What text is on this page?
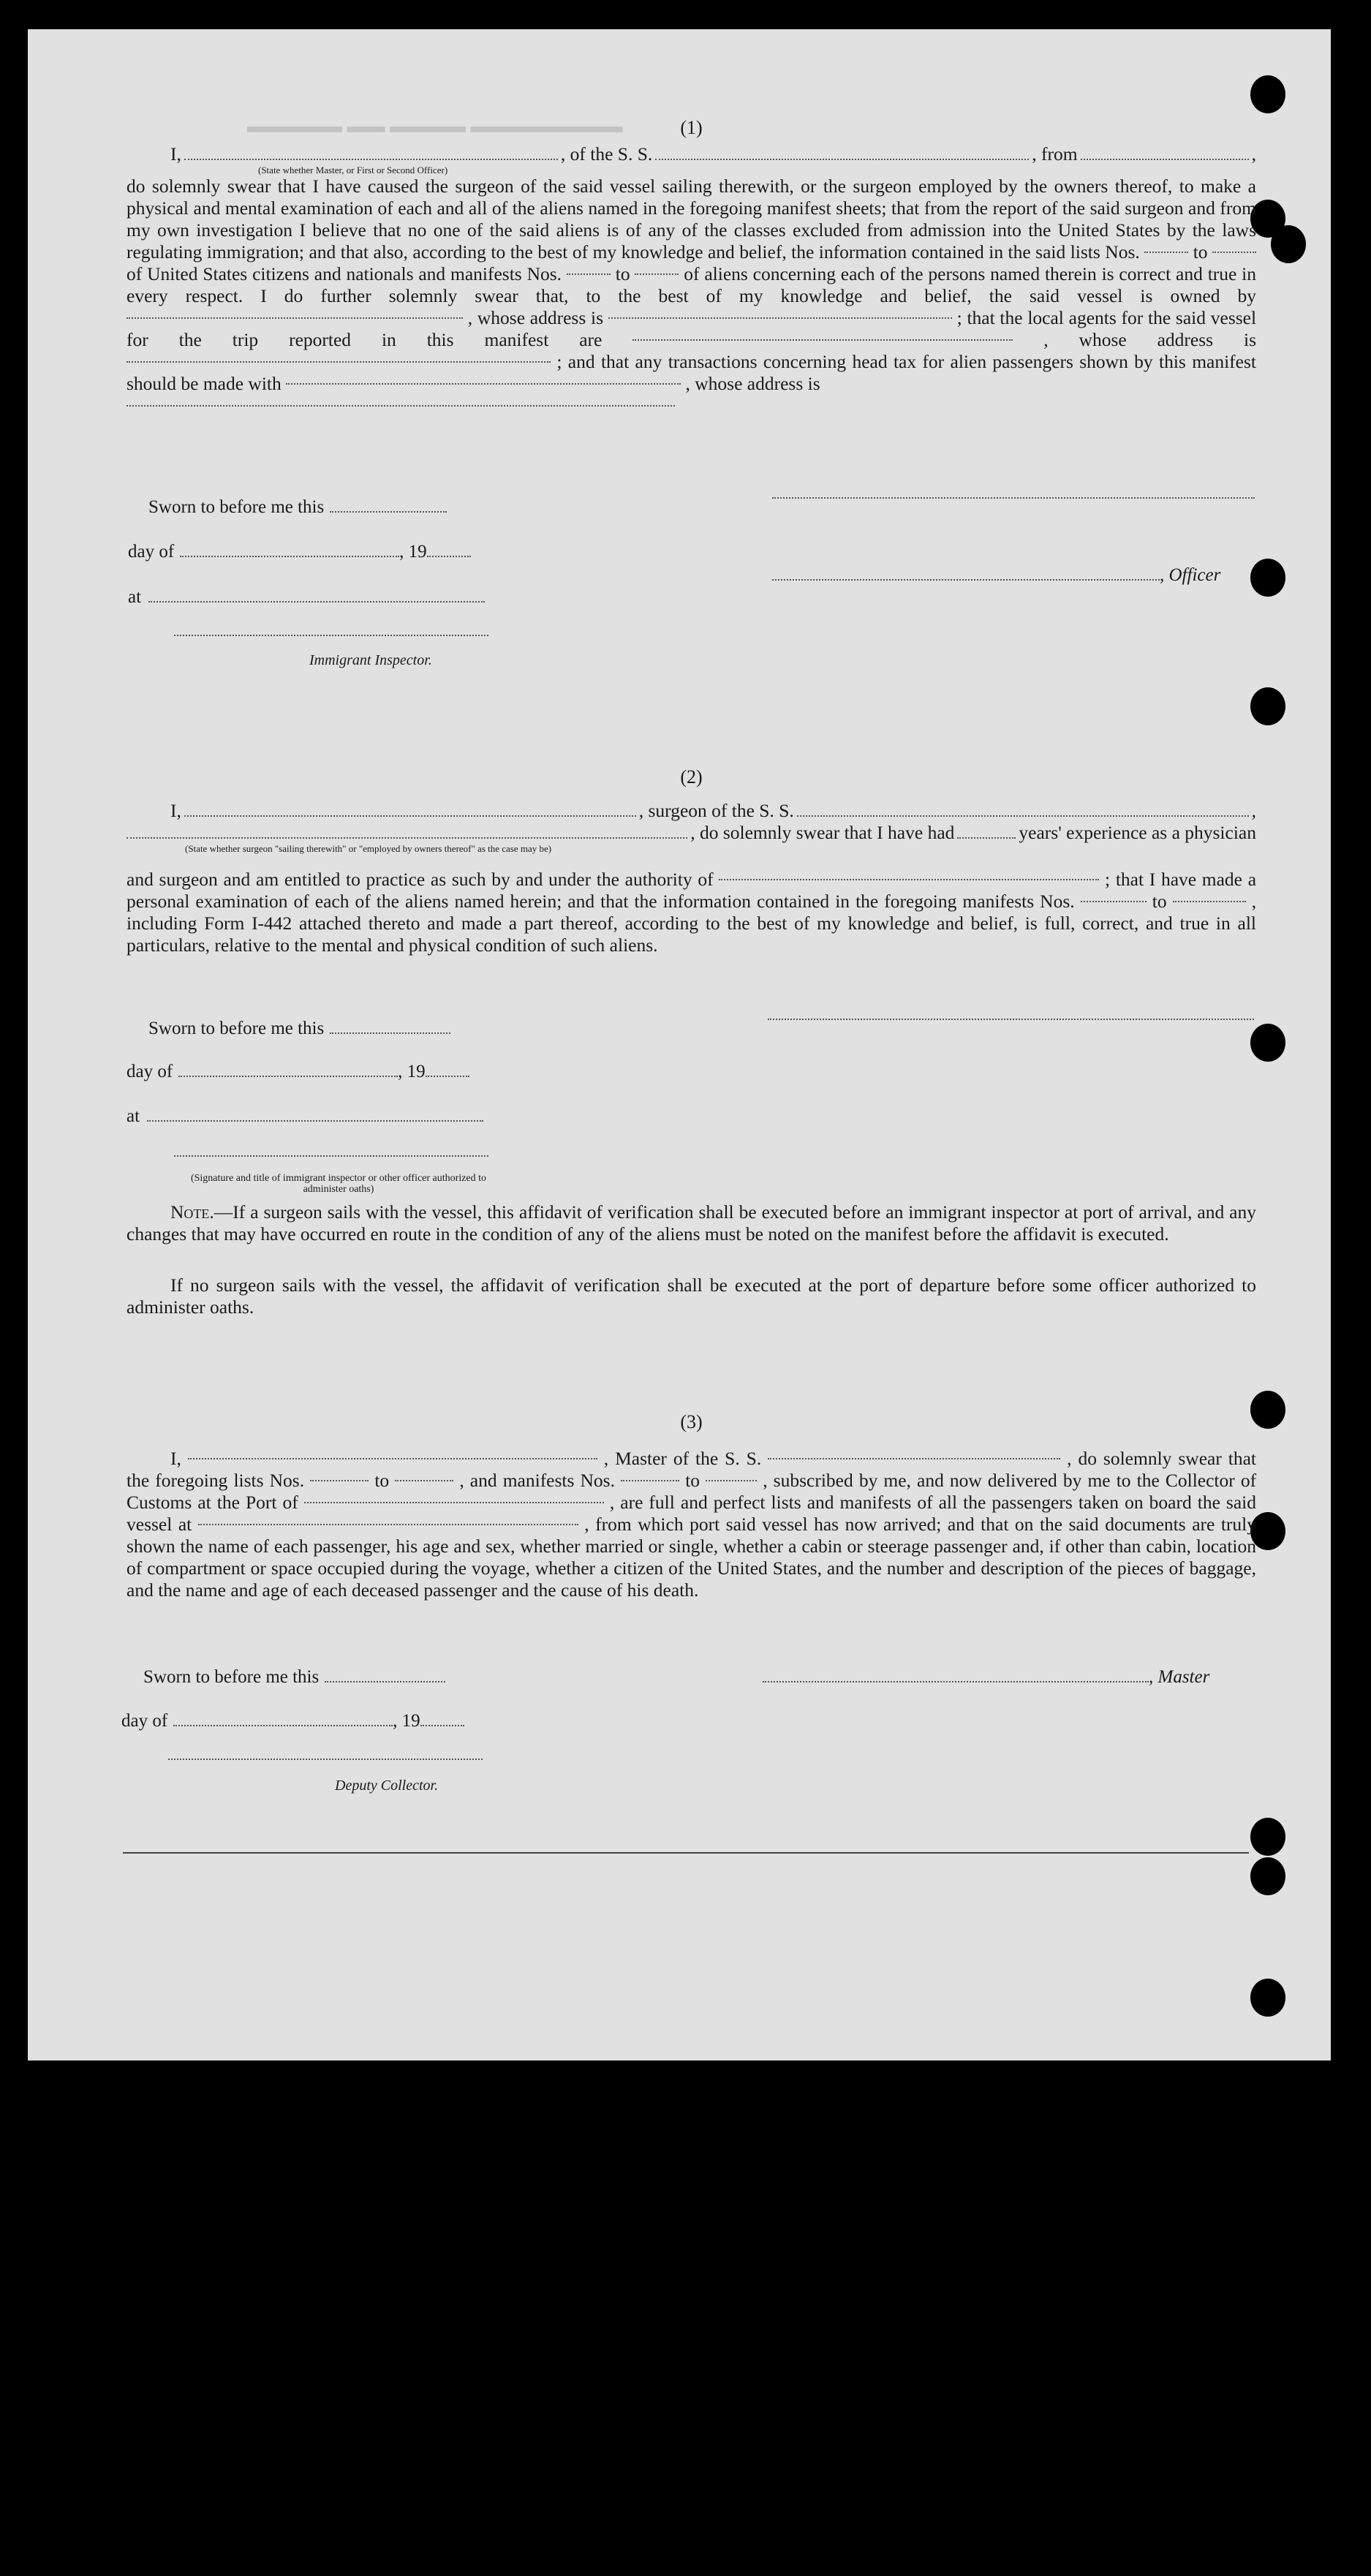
▬▬▬▬▬ ▬▬ ▬▬▬▬ ▬▬▬▬▬▬▬▬	(1)
I,	, of the S. S.	, from	,
(State whether Master, or First or Second Officer)
do solemnly swear that I have caused the surgeon of the said vessel sailing therewith, or the surgeon employed by the owners thereof, to make a physical and mental examination of each and all of the aliens named in the foregoing manifest sheets; that from the report of the said surgeon and from my own investigation I believe that no one of the said aliens is of any of the classes excluded from admission into the United States by the laws regulating immigration; and that also, according to the best of my knowledge and belief, the information contained in the said lists Nos.	to  of United States citizens and nationals and manifests Nos.	to	of aliens concerning each of the persons named therein is correct and true in every respect. I do further solemnly swear that, to the best of my knowledge and belief, the said vessel is owned by  , whose address is	; that the local agents for the said vessel for the trip reported in this manifest are	, whose address is  ; and that any transactions concerning head tax for alien passengers shown by this manifest should be made with	, whose address is

Sworn to before me this
day of	, 19
, Officer
at
Immigrant Inspector.
(2)
I,	, surgeon of the S. S.	,
, do solemnly swear that I have had	years' experience as a physician
(State whether surgeon "sailing therewith" or "employed by owners thereof" as the case may be)
and surgeon and am entitled to practice as such by and under the authority of	; that I have made a personal examination of each of the aliens named herein; and that the information contained in the foregoing manifests Nos.	to	, including Form I-442 attached thereto and made a part thereof, according to the best of my knowledge and belief, is full, correct, and true in all particulars, relative to the mental and physical condition of such aliens.
Sworn to before me this
day of	, 19
at
(Signature and title of immigrant inspector or other officer authorized to administer oaths)
Note.—If a surgeon sails with the vessel, this affidavit of verification shall be executed before an immigrant inspector at port of arrival, and any changes that may have occurred en route in the condition of any of the aliens must be noted on the manifest before the affidavit is executed.
If no surgeon sails with the vessel, the affidavit of verification shall be executed at the port of departure before some officer authorized to administer oaths.
(3)
I,	, Master of the S. S.	, do solemnly swear that the foregoing lists Nos.	to	, and manifests Nos.	to	, subscribed by me, and now delivered by me to the Collector of Customs at the Port of	, are full and perfect lists and manifests of all the passengers taken on board the said vessel at	, from which port said vessel has now arrived; and that on the said documents are truly shown the name of each passenger, his age and sex, whether married or single, whether a cabin or steerage passenger and, if other than cabin, location of compartment or space occupied during the voyage, whether a citizen of the United States, and the number and description of the pieces of baggage, and the name and age of each deceased passenger and the cause of his death.
Sworn to before me this	, Master
day of	, 19
Deputy Collector.
